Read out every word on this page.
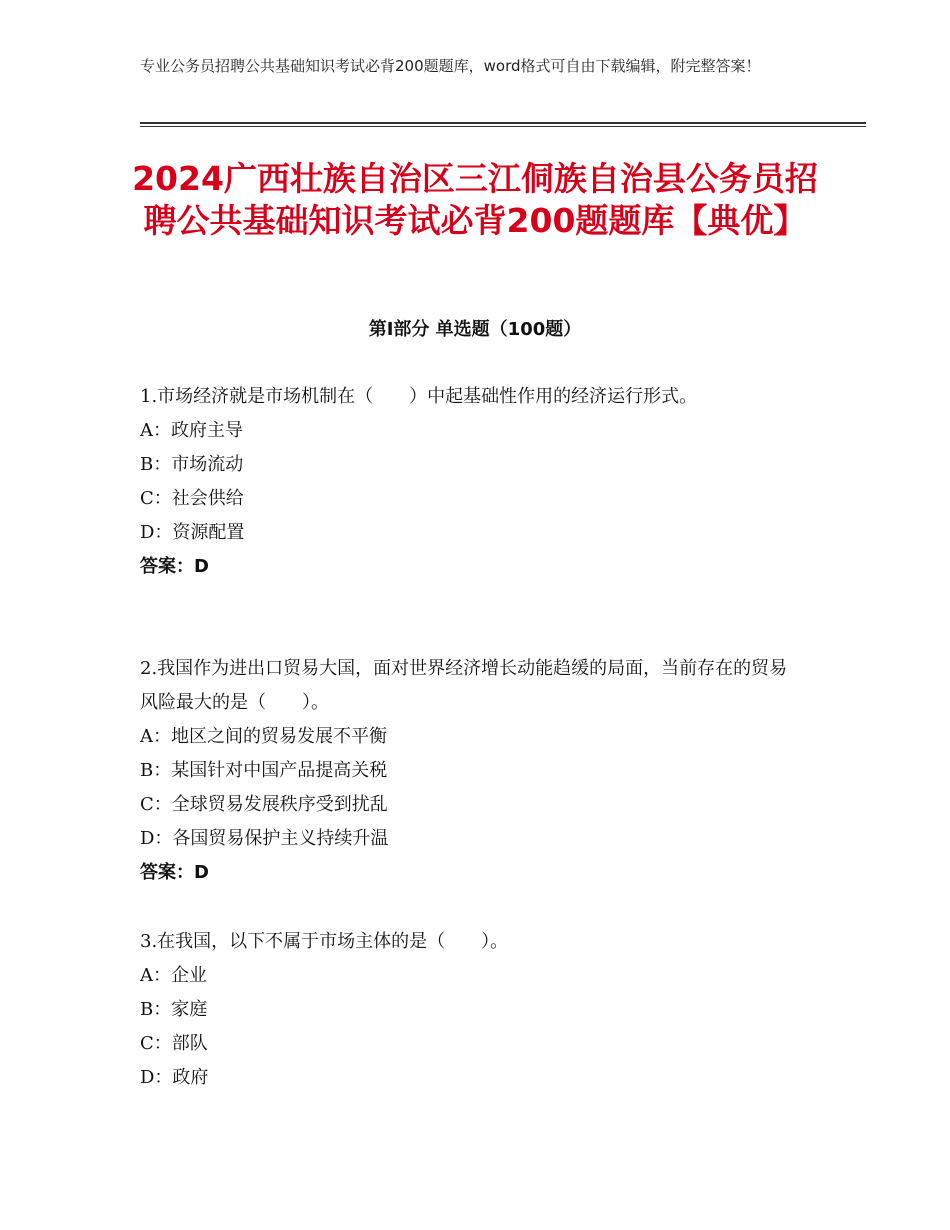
专业公务员招聘公共基础知识考试必背200题题库，word格式可自由下载编辑，附完整答案！
2024广西壮族自治区三江侗族自治县公务员招聘公共基础知识考试必背200题题库【典优】
第Ⅰ部分 单选题（100题）
1.市场经济就是市场机制在（　　）中起基础性作用的经济运行形式。
A：政府主导
B：市场流动
C：社会供给
D：资源配置
答案：D
2.我国作为进出口贸易大国，面对世界经济增长动能趋缓的局面，当前存在的贸易风险最大的是（　　）。
A：地区之间的贸易发展不平衡
B：某国针对中国产品提高关税
C：全球贸易发展秩序受到扰乱
D：各国贸易保护主义持续升温
答案：D
3.在我国，以下不属于市场主体的是（　　）。
A：企业
B：家庭
C：部队
D：政府
